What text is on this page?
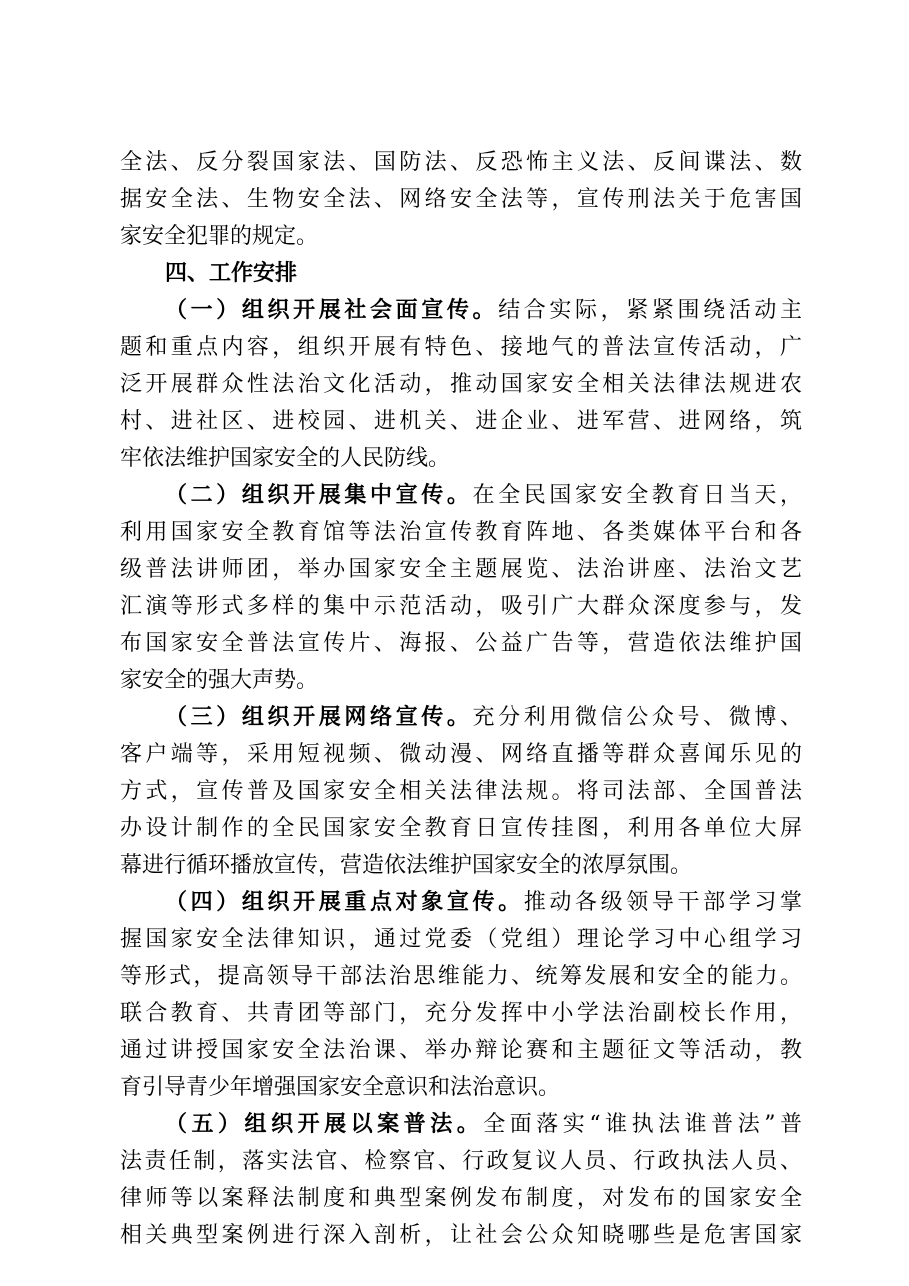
全法、反分裂国家法、国防法、反恐怖主义法、反间谍法、数
据安全法、生物安全法、网络安全法等，宣传刑法关于危害国
家安全犯罪的规定。
四、工作安排
（一）组织开展社会面宣传。结合实际，紧紧围绕活动主
题和重点内容，组织开展有特色、接地气的普法宣传活动，广
泛开展群众性法治文化活动，推动国家安全相关法律法规进农
村、进社区、进校园、进机关、进企业、进军营、进网络，筑
牢依法维护国家安全的人民防线。
（二）组织开展集中宣传。在全民国家安全教育日当天，
利用国家安全教育馆等法治宣传教育阵地、各类媒体平台和各
级普法讲师团，举办国家安全主题展览、法治讲座、法治文艺
汇演等形式多样的集中示范活动，吸引广大群众深度参与，发
布国家安全普法宣传片、海报、公益广告等，营造依法维护国
家安全的强大声势。
（三）组织开展网络宣传。充分利用微信公众号、微博、
客户端等，采用短视频、微动漫、网络直播等群众喜闻乐见的
方式，宣传普及国家安全相关法律法规。将司法部、全国普法
办设计制作的全民国家安全教育日宣传挂图，利用各单位大屏
幕进行循环播放宣传，营造依法维护国家安全的浓厚氛围。
（四）组织开展重点对象宣传。推动各级领导干部学习掌
握国家安全法律知识，通过党委（党组）理论学习中心组学习
等形式，提高领导干部法治思维能力、统筹发展和安全的能力。
联合教育、共青团等部门，充分发挥中小学法治副校长作用，
通过讲授国家安全法治课、举办辩论赛和主题征文等活动，教
育引导青少年增强国家安全意识和法治意识。
（五）组织开展以案普法。全面落实“谁执法谁普法”普
法责任制，落实法官、检察官、行政复议人员、行政执法人员、
律师等以案释法制度和典型案例发布制度，对发布的国家安全
相关典型案例进行深入剖析，让社会公众知晓哪些是危害国家
